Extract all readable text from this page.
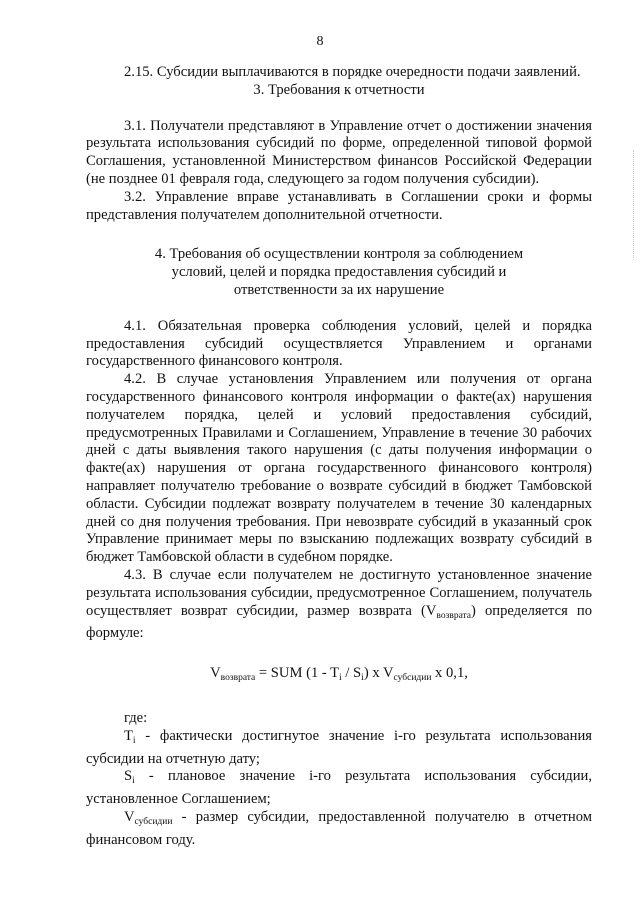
8

2.15. Субсидии выплачиваются в порядке очередности подачи заявлений.

3. Требования к отчетности

3.1. Получатели представляют в Управление отчет о достижении значения результата использования субсидий по форме, определенной типовой формой Соглашения, установленной Министерством финансов Российской Федерации (не позднее 01 февраля года, следующего за годом получения субсидии).

3.2. Управление вправе устанавливать в Соглашении сроки и формы представления получателем дополнительной отчетности.

4. Требования об осуществлении контроля за соблюдением

условий, целей и порядка предоставления субсидий и

ответственности за их нарушение

4.1. Обязательная проверка соблюдения условий, целей и порядка предоставления субсидий осуществляется Управлением и органами государственного финансового контроля.

4.2. В случае установления Управлением или получения от органа государственного финансового контроля информации о факте(ах) нарушения получателем порядка, целей и условий предоставления субсидий, предусмотренных Правилами и Соглашением, Управление в течение 30 рабочих дней с даты выявления такого нарушения (с даты получения информации о факте(ах) нарушения от органа государственного финансового контроля) направляет получателю требование о возврате субсидий в бюджет Тамбовской области. Субсидии подлежат возврату получателем в течение 30 календарных дней со дня получения требования. При невозврате субсидий в указанный срок Управление принимает меры по взысканию подлежащих возврату субсидий в бюджет Тамбовской области в судебном порядке.

4.3. В случае если получателем не достигнуто установленное значение результата использования субсидии, предусмотренное Соглашением, получатель осуществляет возврат субсидии, размер возврата $(V_{возврата})$ определяется по формуле:

$V_{возврата}$ = SUM $(1 - T_i / S_i)$ x $V_{субсидии}$ x 0,1,

где:

$T_i$ - фактически достигнутое значение i-го результата использования субсидии на отчетную дату;

$S_i$ - плановое значение i-го результата использования субсидии, установленное Соглашением;

$V_{субсидии}$ - размер субсидии, предоставленной получателю в отчетном финансовом году.
